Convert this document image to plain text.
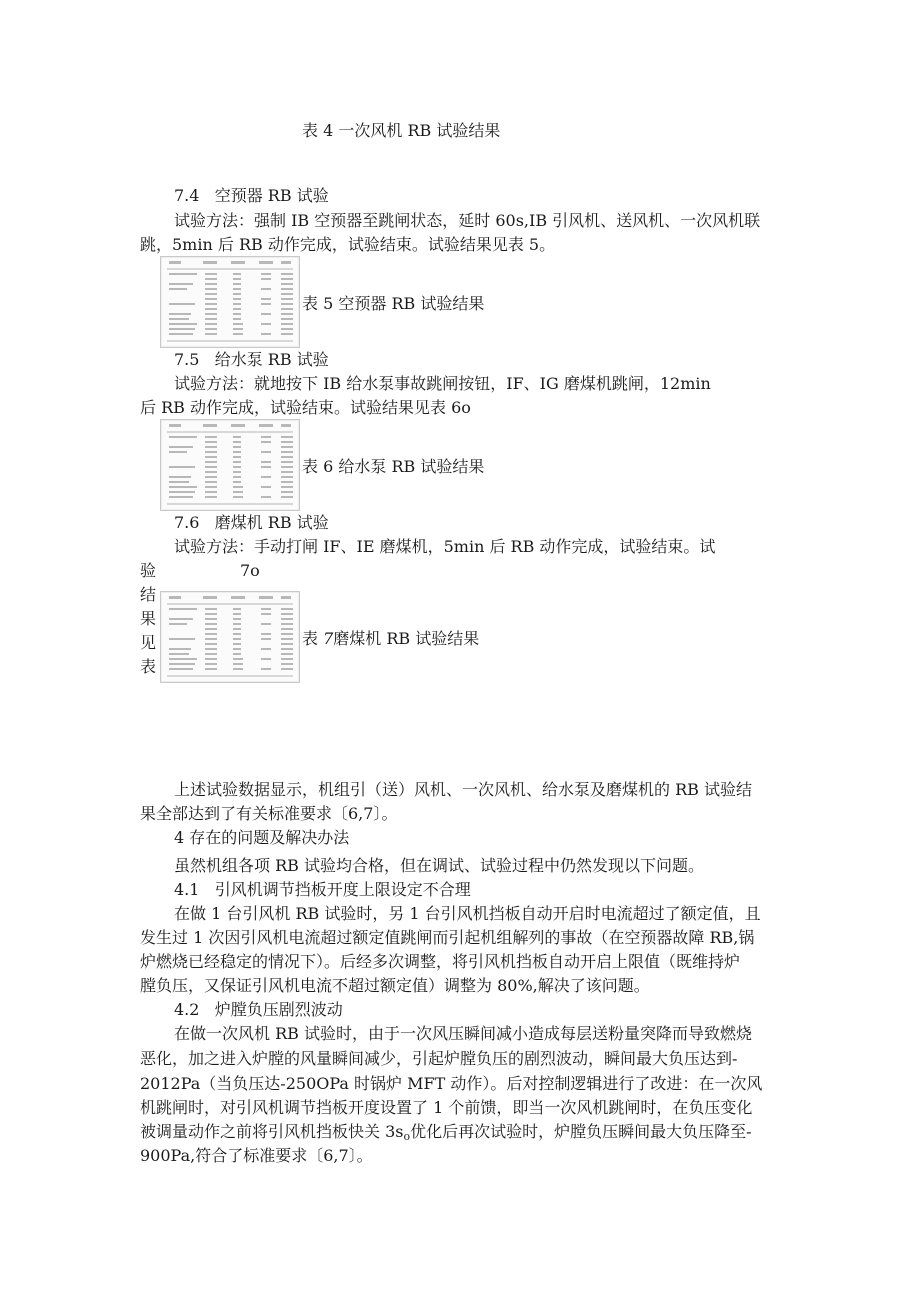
表 4 一次风机 RB 试验结果
7.4 空预器 RB 试验
试验方法：强制 IB 空预器至跳闸状态，延时 60s,IB 引风机、送风机、一次风机联
跳，5min 后 RB 动作完成，试验结束。试验结果见表 5。
表 5 空预器 RB 试验结果
7.5 给水泵 RB 试验
试验方法：就地按下 IB 给水泵事故跳闸按钮，IF、IG 磨煤机跳闸，12min
后 RB 动作完成，试验结束。试验结果见表 6o
表 6 给水泵 RB 试验结果
7.6 磨煤机 RB 试验
试验方法：手动打闸 IF、IE 磨煤机，5min 后 RB 动作完成，试验结束。试
验
结
果
见
表
7o
表 7磨煤机 RB 试验结果
上述试验数据显示，机组引（送）风机、一次风机、给水泵及磨煤机的 RB 试验结
果全部达到了有关标准要求〔6,7〕。
4 存在的问题及解决办法
虽然机组各项 RB 试验均合格，但在调试、试验过程中仍然发现以下问题。
4.1 引风机调节挡板开度上限设定不合理
在做 1 台引风机 RB 试验时，另 1 台引风机挡板自动开启时电流超过了额定值，且
发生过 1 次因引风机电流超过额定值跳闸而引起机组解列的事故（在空预器故障 RB,锅
炉燃烧已经稳定的情况下）。后经多次调整，将引风机挡板自动开启上限值（既维持炉
膛负压，又保证引风机电流不超过额定值）调整为 80%,解决了该问题。
4.2 炉膛负压剧烈波动
在做一次风机 RB 试验时，由于一次风压瞬间减小造成每层送粉量突降而导致燃烧
恶化，加之进入炉膛的风量瞬间减少，引起炉膛负压的剧烈波动，瞬间最大负压达到-
2012Pa（当负压达-250OPa 时锅炉 MFT 动作）。后对控制逻辑进行了改进：在一次风
机跳闸时，对引风机调节挡板开度设置了 1 个前馈，即当一次风机跳闸时，在负压变化
被调量动作之前将引风机挡板快关 $3s_o$优化后再次试验时，炉膛负压瞬间最大负压降至-
900Pa,符合了标准要求〔6,7〕。
